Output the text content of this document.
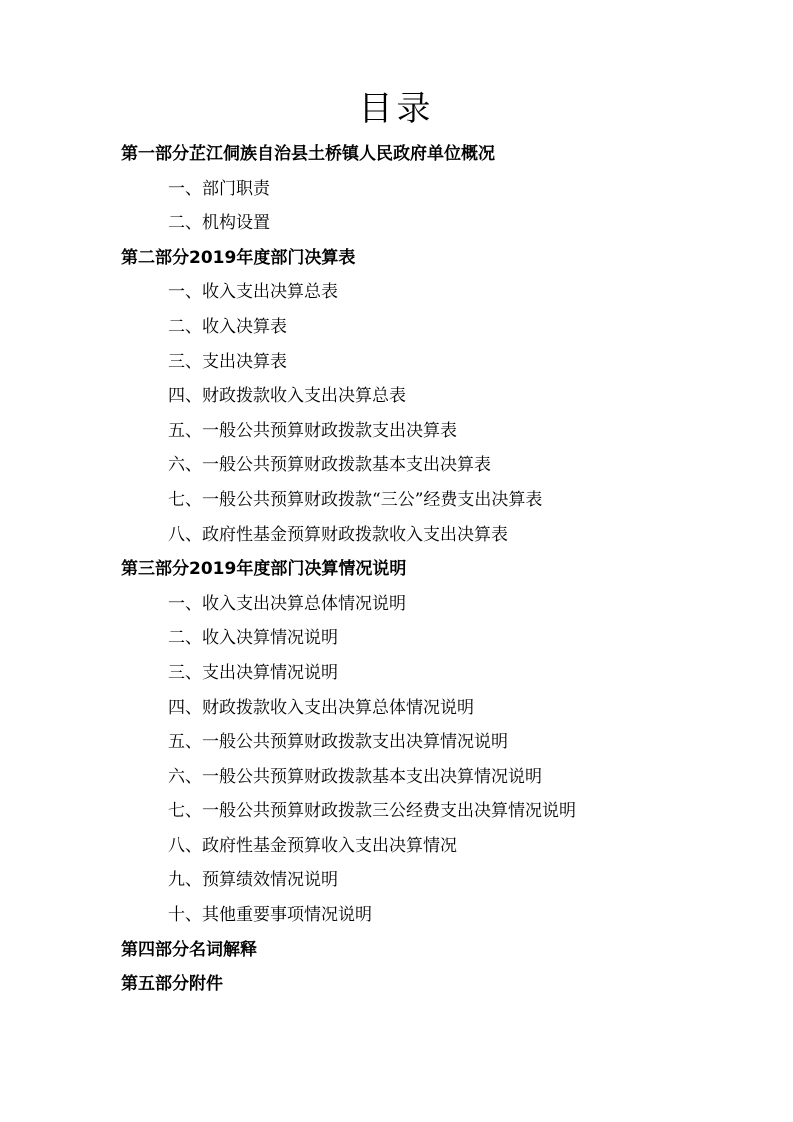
目录
第一部分芷江侗族自治县土桥镇人民政府单位概况
一、部门职责
二、机构设置
第二部分2019年度部门决算表
一、收入支出决算总表
二、收入决算表
三、支出决算表
四、财政拨款收入支出决算总表
五、一般公共预算财政拨款支出决算表
六、一般公共预算财政拨款基本支出决算表
七、一般公共预算财政拨款“三公”经费支出决算表
八、政府性基金预算财政拨款收入支出决算表
第三部分2019年度部门决算情况说明
一、收入支出决算总体情况说明
二、收入决算情况说明
三、支出决算情况说明
四、财政拨款收入支出决算总体情况说明
五、一般公共预算财政拨款支出决算情况说明
六、一般公共预算财政拨款基本支出决算情况说明
七、一般公共预算财政拨款三公经费支出决算情况说明
八、政府性基金预算收入支出决算情况
九、预算绩效情况说明
十、其他重要事项情况说明
第四部分名词解释
第五部分附件
